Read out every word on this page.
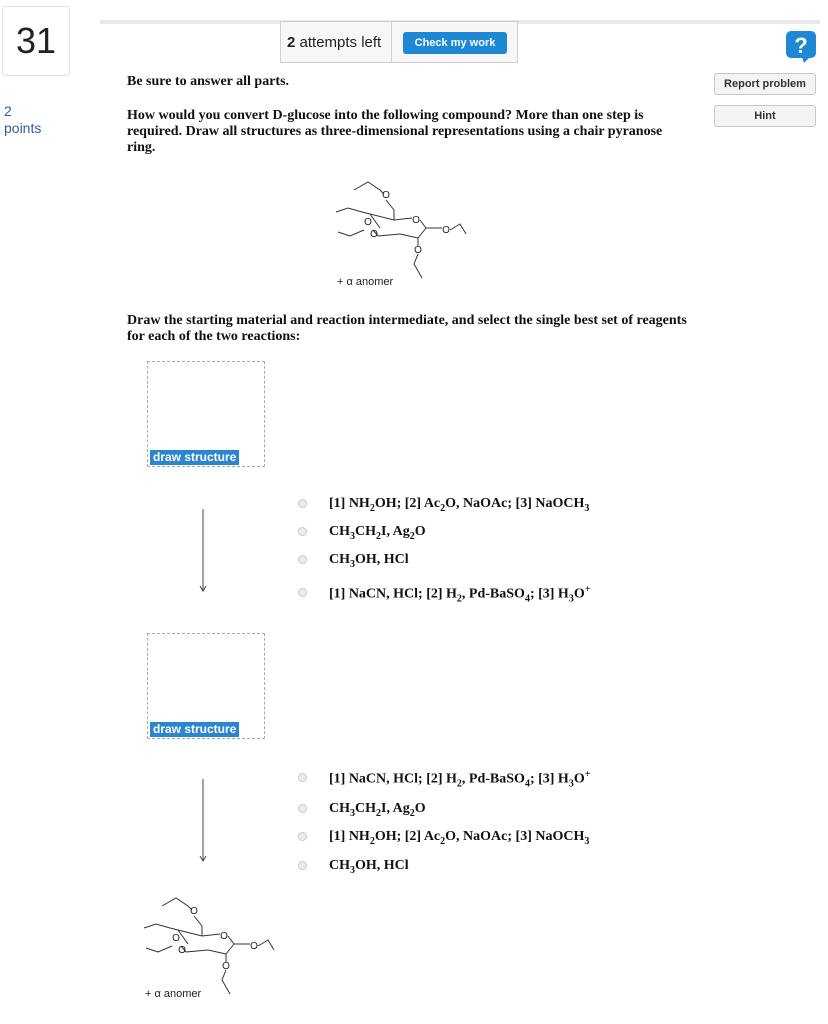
31
2
points
2 attempts left	Check my work	?
Report problem
Hint
Be sure to answer all parts.
How would you convert D-glucose into the following compound? More than one step is required. Draw all structures as three-dimensional representations using a chair pyranose ring.
O
O
O
O
O
O
+ α anomer
Draw the starting material and reaction intermediate, and select the single best set of reagents for each of the two reactions:
draw structure
[1] $NH_2OH$; [2] $Ac_2O$, NaOAc; [3] NaOCH$_3$
$CH_3CH_2I$, $Ag_2O$
$CH_3OH$, HCl
[1] NaCN, HCl; [2] $H_2$, Pd-BaSO$_4$; [3] $H_3O^+$
draw structure
[1] NaCN, HCl; [2] $H_2$, Pd-BaSO$_4$; [3] $H_3O^+$
$CH_3CH_2I$, $Ag_2O$
[1] $NH_2OH$; [2] $Ac_2O$, NaOAc; [3] NaOCH$_3$
$CH_3OH$, HCl
O
O
O
O
O
O
+ α anomer
